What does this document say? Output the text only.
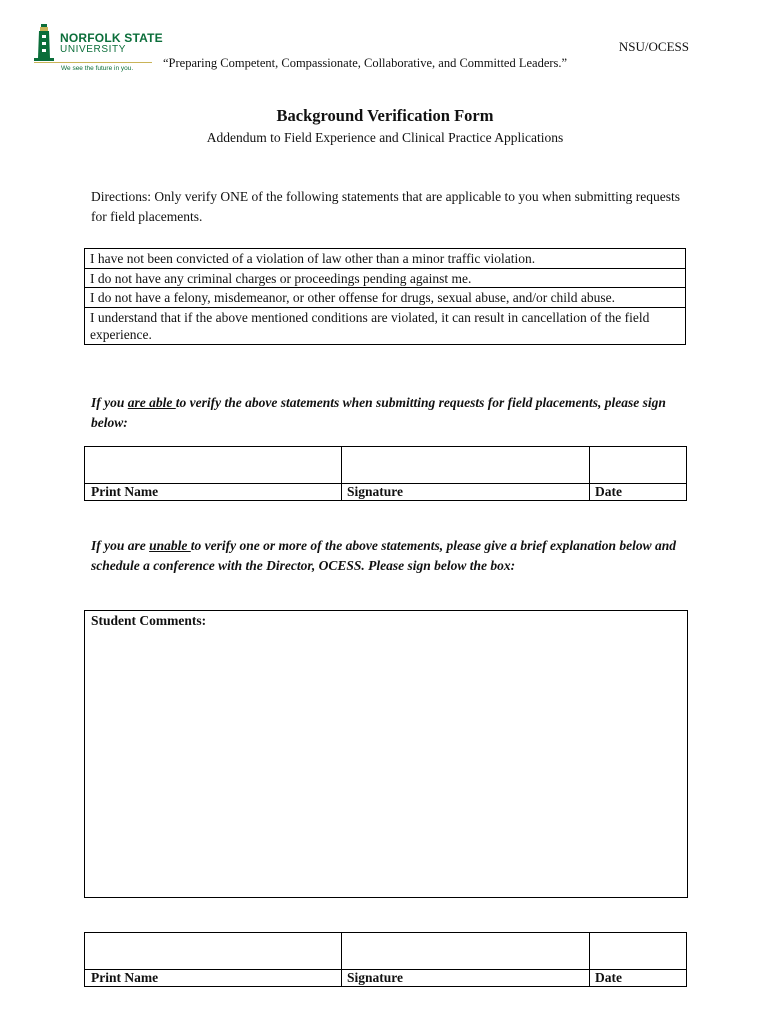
NORFOLK STATE
UNIVERSITY
We see the future in you.
NSU/OCESS
“Preparing Competent, Compassionate, Collaborative, and Committed Leaders.”
Background Verification Form
Addendum to Field Experience and Clinical Practice Applications
Directions: Only verify ONE of the following statements that are applicable to you when submitting requests for field placements.
I have not been convicted of a violation of law other than a minor traffic violation.
I do not have any criminal charges or proceedings pending against me.
I do not have a felony, misdemeanor, or other offense for drugs, sexual abuse, and/or child abuse.
I understand that if the above mentioned conditions are violated, it can result in cancellation of the field experience.
If you are able to verify the above statements when submitting requests for field placements, please sign below:
Print Name	Signature	Date
If you are unable to verify one or more of the above statements, please give a brief explanation below and schedule a conference with the Director, OCESS. Please sign below the box:
Student Comments:
Print Name	Signature	Date
